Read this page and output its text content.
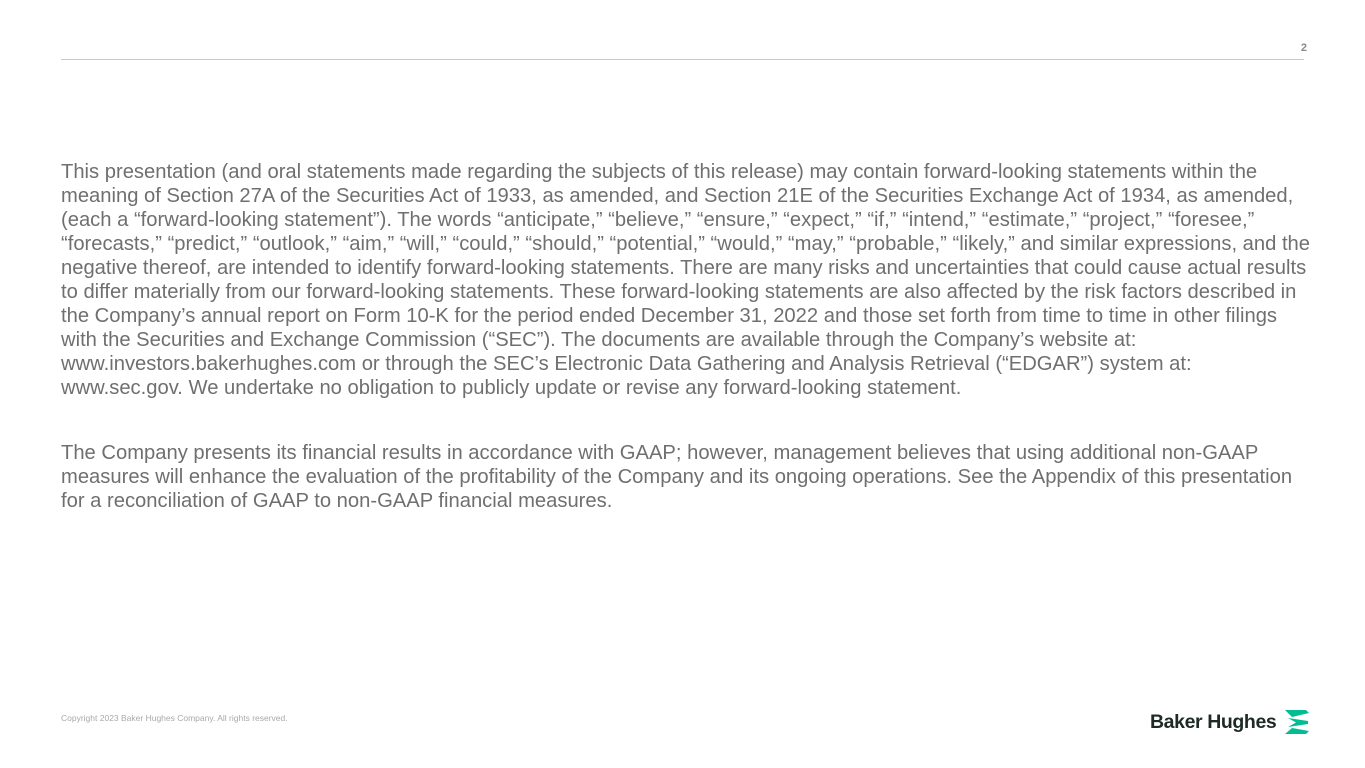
2

This presentation (and oral statements made regarding the subjects of this release) may contain forward-looking statements within the meaning of Section 27A of the Securities Act of 1933, as amended, and Section 21E of the Securities Exchange Act of 1934, as amended, (each a “forward-looking statement”). The words “anticipate,” “believe,” “ensure,” “expect,” “if,” “intend,” “estimate,” “project,” “foresee,” “forecasts,” “predict,” “outlook,” “aim,” “will,” “could,” “should,” “potential,” “would,” “may,” “probable,” “likely,” and similar expressions, and the negative thereof, are intended to identify forward-looking statements. There are many risks and uncertainties that could cause actual results to differ materially from our forward-looking statements. These forward-looking statements are also affected by the risk factors described in the Company’s annual report on Form 10-K for the period ended December 31, 2022 and those set forth from time to time in other filings with the Securities and Exchange Commission (“SEC”). The documents are available through the Company’s website at: www.investors.bakerhughes.com or through the SEC’s Electronic Data Gathering and Analysis Retrieval (“EDGAR”) system at: www.sec.gov. We undertake no obligation to publicly update or revise any forward-looking statement.

The Company presents its financial results in accordance with GAAP; however, management believes that using additional non-GAAP measures will enhance the evaluation of the profitability of the Company and its ongoing operations. See the Appendix of this presentation for a reconciliation of GAAP to non-GAAP financial measures.

Copyright 2023 Baker Hughes Company. All rights reserved.	Baker Hughes
